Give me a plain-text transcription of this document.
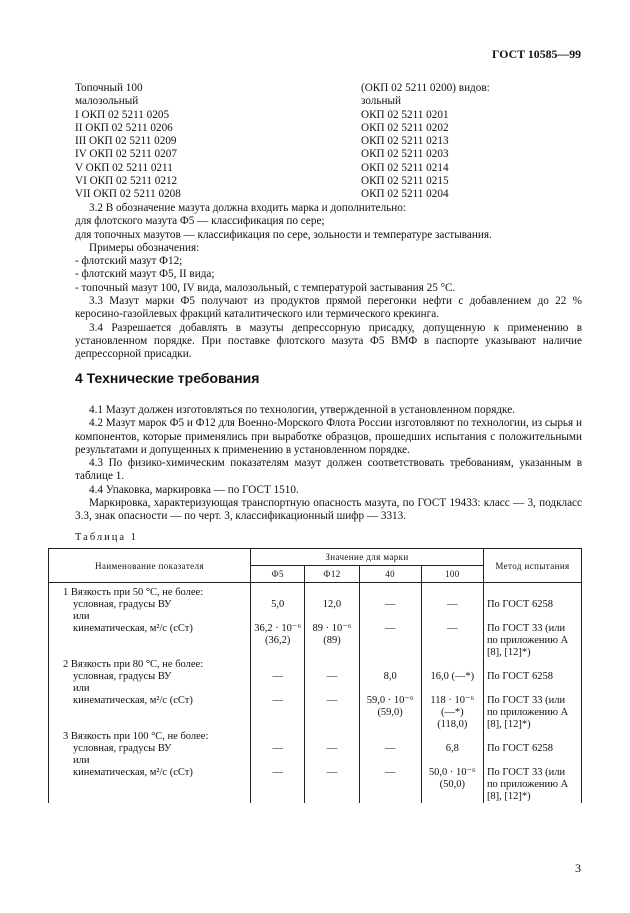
ГОСТ 10585—99
Топочный 100	(ОКП 02 5211 0200) видов:
малозольный	зольный
I ОКП 02 5211 0205	ОКП 02 5211 0201
II ОКП 02 5211 0206	ОКП 02 5211 0202
III ОКП 02 5211 0209	ОКП 02 5211 0213
IV ОКП 02 5211 0207	ОКП 02 5211 0203
V ОКП 02 5211 0211	ОКП 02 5211 0214
VI ОКП 02 5211 0212	ОКП 02 5211 0215
VII ОКП 02 5211 0208	ОКП 02 5211 0204

3.2 В обозначение мазута должна входить марка и дополнительно:

для флотского мазута Ф5 — классификация по сере;

для топочных мазутов — классификация по сере, зольности и температуре застывания.

Примеры обозначения:

- флотский мазут Ф12;

- флотский мазут Ф5, II вида;

- топочный мазут 100, IV вида, малозольный, с температурой застывания 25 °С.

3.3 Мазут марки Ф5 получают из продуктов прямой перегонки нефти с добавлением до 22 % керосино-газойлевых фракций каталитического или термического крекинга.

3.4 Разрешается добавлять в мазуты депрессорную присадку, допущенную к применению в установленном порядке. При поставке флотского мазута Ф5 ВМФ в паспорте указывают наличие депрессорной присадки.

4 Технические требования

4.1 Мазут должен изготовляться по технологии, утвержденной в установленном порядке.

4.2 Мазут марок Ф5 и Ф12 для Военно-Морского Флота России изготовляют по технологии, из сырья и компонентов, которые применялись при выработке образцов, прошедших испытания с положительными результатами и допущенных к применению в установленном порядке.

4.3 По физико-химическим показателям мазут должен соответствовать требованиям, указанным в таблице 1.

4.4 Упаковка, маркировка — по ГОСТ 1510.

Маркировка, характеризующая транспортную опасность мазута, по ГОСТ 19433: класс — 3, подкласс 3.3, знак опасности — по черт. 3, классификационный шифр — 3313.

Таблица 1
Наименование показателя	Значение для марки				Метод испытания
	Ф5	Ф12	40	100	
1 Вязкость при 50 °С, не более:					
условная, градусы ВУ	5,0	12,0	—	—	По ГОСТ 6258
или					
кинематическая, м²/с (сСт)	36,2 · 10⁻⁶ (36,2)	89 · 10⁻⁶ (89)	—	—	По ГОСТ 33 (или по приложению А [8], [12]*)
2 Вязкость при 80 °С, не более:					
условная, градусы ВУ	—	—	8,0	16,0 (—*)	По ГОСТ 6258
или					
кинематическая, м²/с (сСт)	—	—	59,0 · 10⁻⁶ (59,0)	118 · 10⁻⁶ (—*) (118,0)	По ГОСТ 33 (или по приложению А [8], [12]*)
3 Вязкость при 100 °С, не более:					
условная, градусы ВУ	—	—	—	6,8	По ГОСТ 6258
или					
кинематическая, м²/с (сСт)	—	—	—	50,0 · 10⁻⁶ (50,0)	По ГОСТ 33 (или по приложению А [8], [12]*)
3
